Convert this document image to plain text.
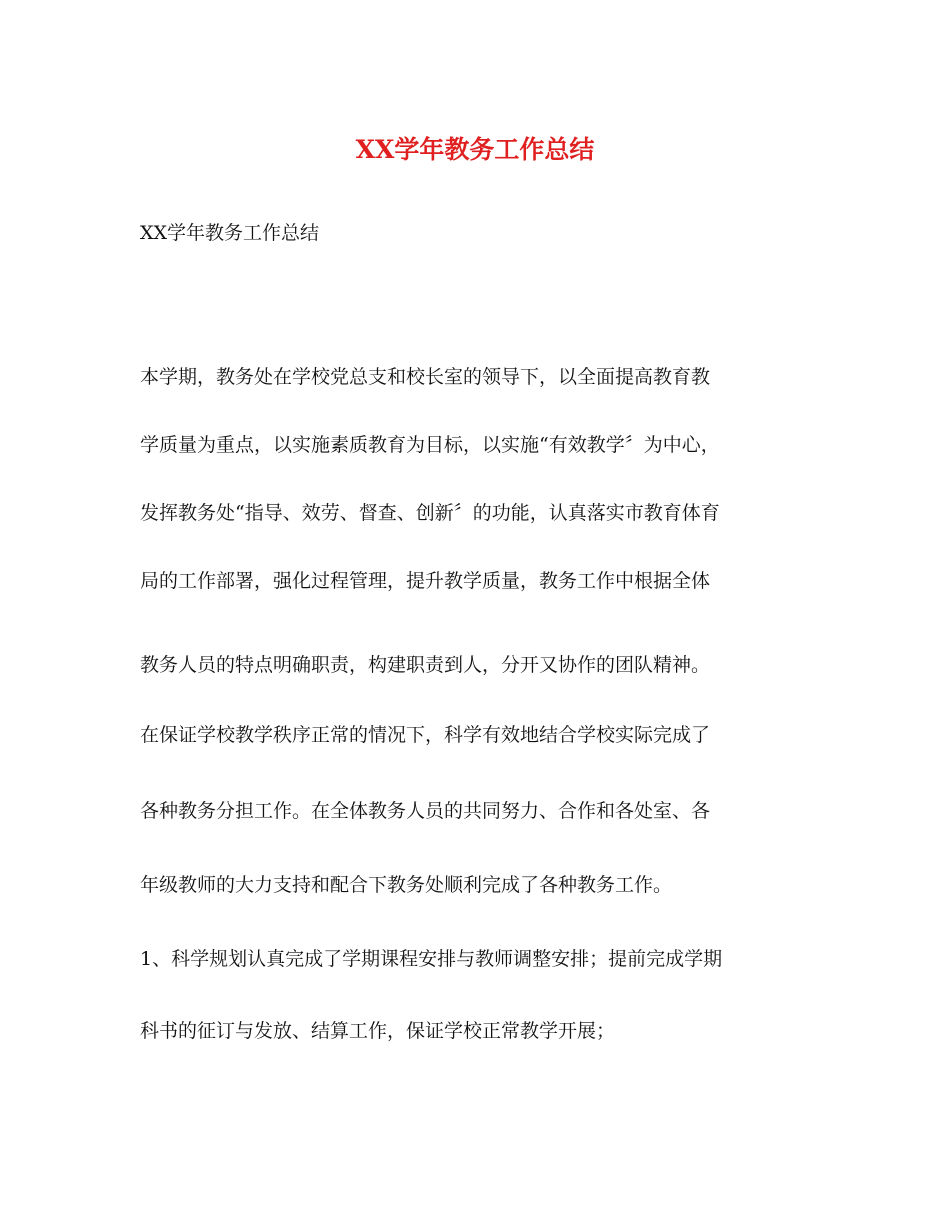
XX学年教务工作总结

XX学年教务工作总结

本学期，教务处在学校党总支和校长室的领导下，以全面提高教育教

学质量为重点，以实施素质教育为目标，以实施“有效教学〞为中心，

发挥教务处“指导、效劳、督查、创新〞的功能，认真落实市教育体育

局的工作部署，强化过程管理，提升教学质量，教务工作中根据全体

教务人员的特点明确职责，构建职责到人，分开又协作的团队精神。

在保证学校教学秩序正常的情况下，科学有效地结合学校实际完成了

各种教务分担工作。在全体教务人员的共同努力、合作和各处室、各

年级教师的大力支持和配合下教务处顺利完成了各种教务工作。

1、科学规划认真完成了学期课程安排与教师调整安排；提前完成学期

科书的征订与发放、结算工作，保证学校正常教学开展；
